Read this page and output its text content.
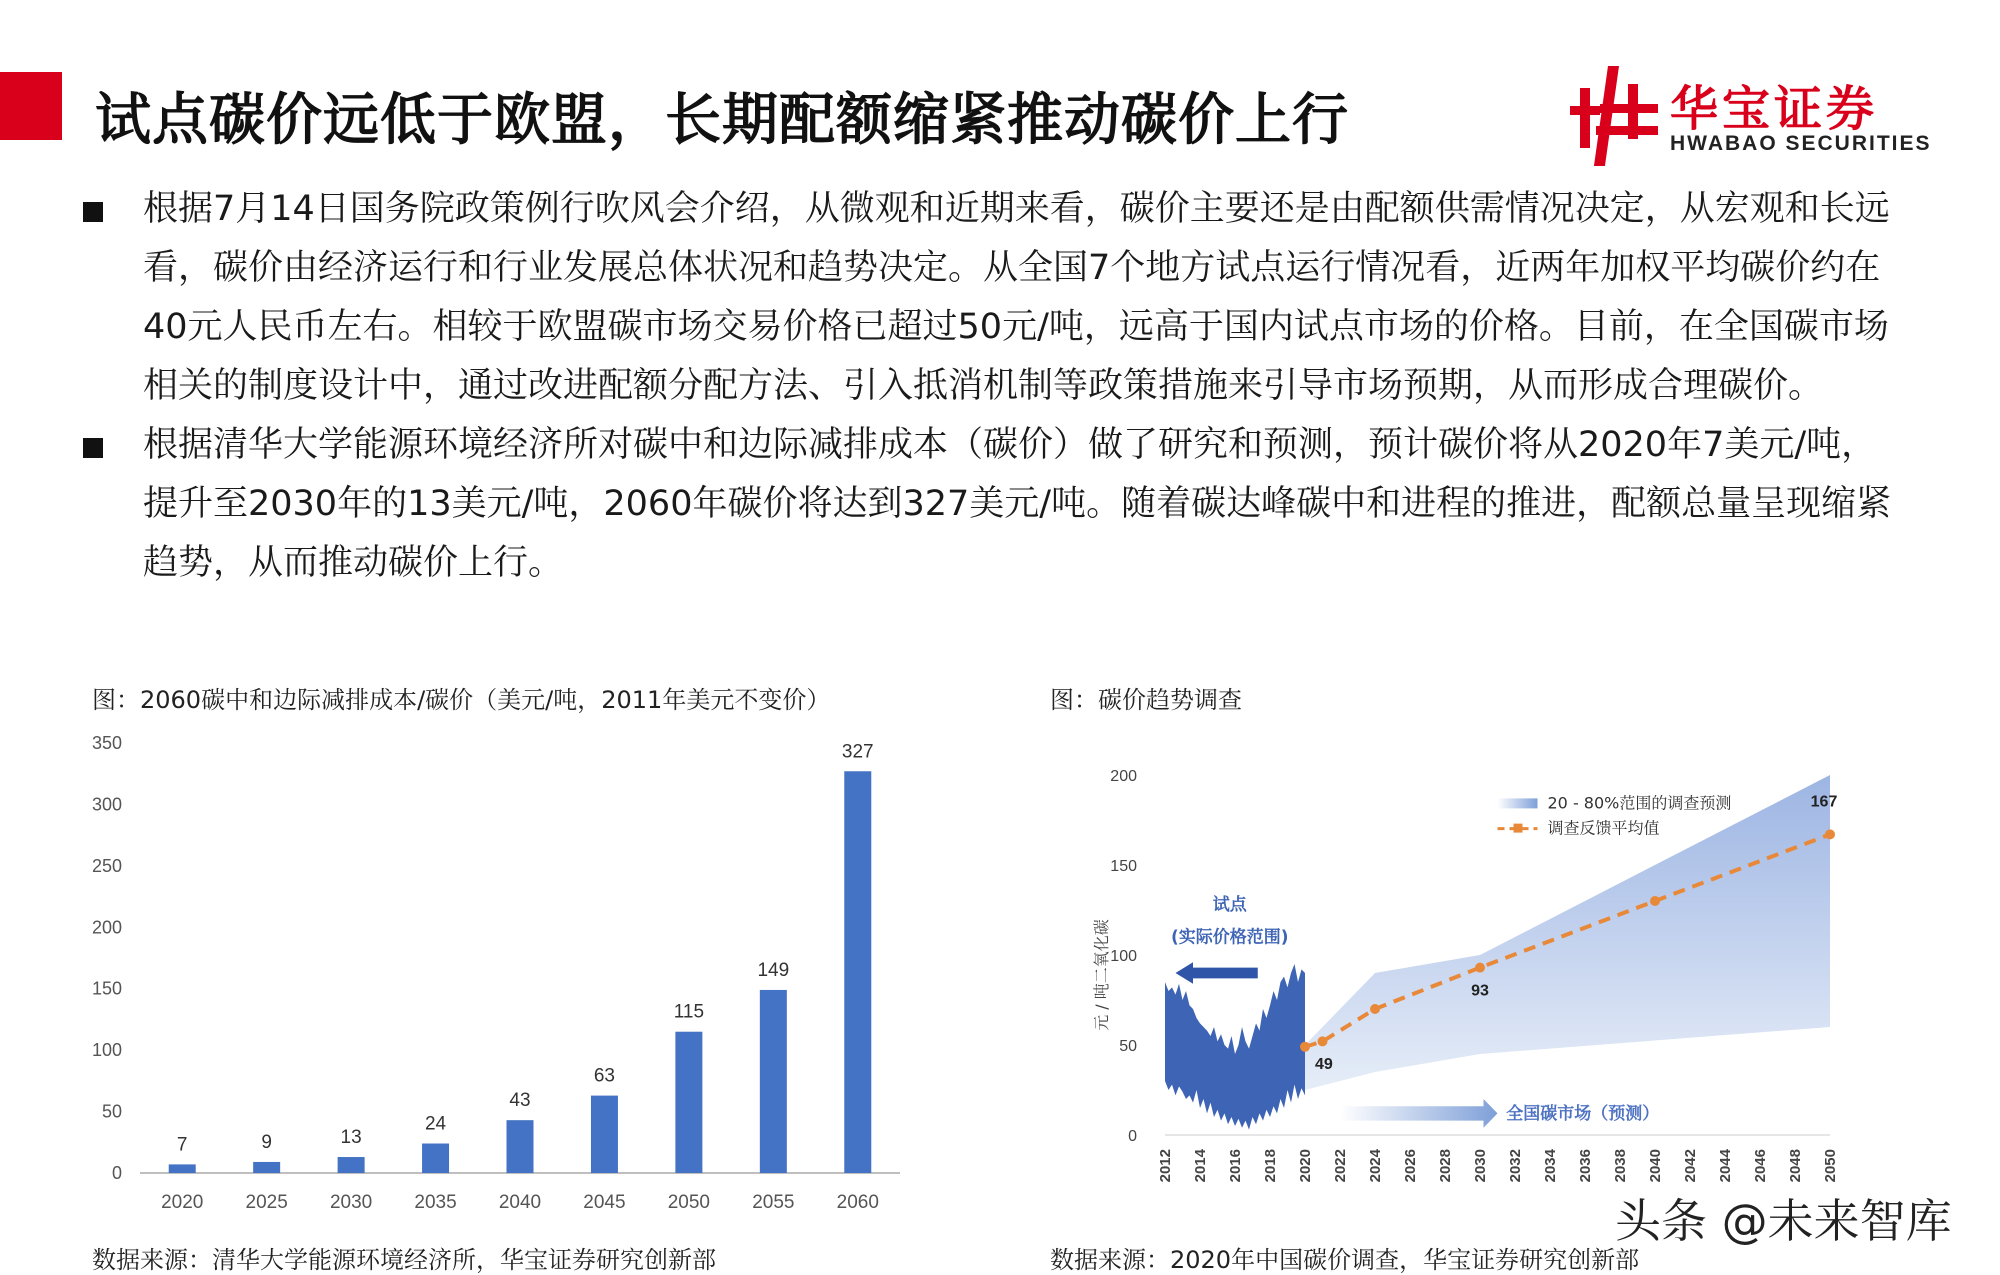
试点碳价远低于欧盟，长期配额缩紧推动碳价上行	华宝证券
HWABAO SECURITIES
根据7月14日国务院政策例行吹风会介绍，从微观和近期来看，碳价主要还是由配额供需情况决定，从宏观和长远看，碳价由经济运行和行业发展总体状况和趋势决定。从全国7个地方试点运行情况看，近两年加权平均碳价约在40元人民币左右。相较于欧盟碳市场交易价格已超过50元/吨，远高于国内试点市场的价格。目前，在全国碳市场相关的制度设计中，通过改进配额分配方法、引入抵消机制等政策措施来引导市场预期，从而形成合理碳价。
根据清华大学能源环境经济所对碳中和边际减排成本（碳价）做了研究和预测，预计碳价将从2020年7美元/吨，提升至2030年的13美元/吨，2060年碳价将达到327美元/吨。随着碳达峰碳中和进程的推进，配额总量呈现缩紧趋势，从而推动碳价上行。
图：2060碳中和边际减排成本/碳价（美元/吨，2011年美元不变价）	图：碳价趋势调查
0
50
100
150
200
250
300
350
7
2020
9
2025
13
2030
24
2035
43
2040
63
2045
115
2050
149
2055
327
2060
0
50
100
150
200
元 / 吨二氧化碳
试点
(实际价格范围)
全国碳市场（预测）
49
93
167
20 - 80%范围的调查预测
调查反馈平均值
2012 2014 2016 2018 2020 2022 2024 2026 2028 2030 2032 2034 2036 2038 2040 2042 2044 2046 2048 2050
数据来源：清华大学能源环境经济所，华宝证券研究创新部	数据来源：2020年中国碳价调查，华宝证券研究创新部
头条 @未来智库
